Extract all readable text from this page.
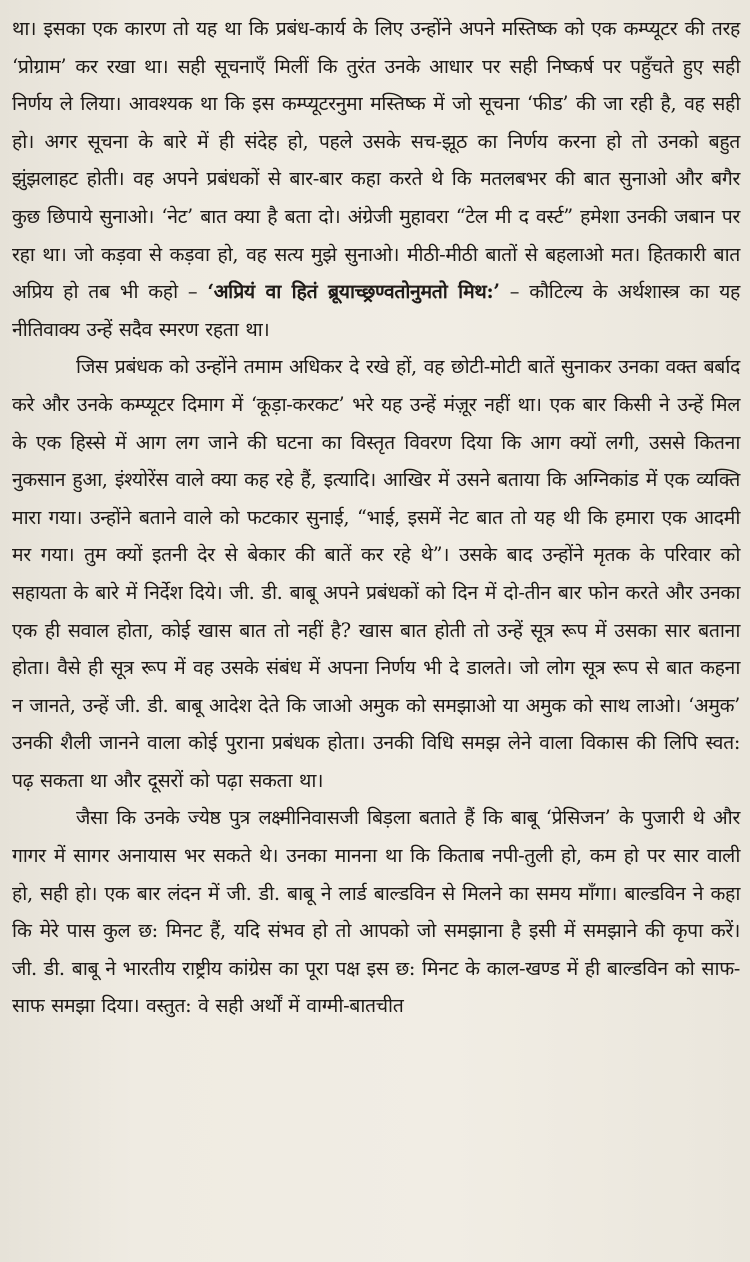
था। इसका एक कारण तो यह था कि प्रबंध-कार्य के लिए उन्होंने अपने मस्तिष्क को एक कम्प्यूटर की तरह ‘प्रोग्राम’ कर रखा था। सही सूचनाएँ मिलीं कि तुरंत उनके आधार पर सही निष्कर्ष पर पहुँचते हुए सही निर्णय ले लिया। आवश्यक था कि इस कम्प्यूटरनुमा मस्तिष्क में जो सूचना ‘फीड’ की जा रही है, वह सही हो। अगर सूचना के बारे में ही संदेह हो, पहले उसके सच-झूठ का निर्णय करना हो तो उनको बहुत झुंझलाहट होती। वह अपने प्रबंधकों से बार-बार कहा करते थे कि मतलबभर की बात सुनाओ और बगैर कुछ छिपाये सुनाओ। ‘नेट’ बात क्या है बता दो। अंग्रेजी मुहावरा “टेल मी द वर्स्ट” हमेशा उनकी जबान पर रहा था। जो कड़वा से कड़वा हो, वह सत्य मुझे सुनाओ। मीठी-मीठी बातों से बहलाओ मत। हितकारी बात अप्रिय हो तब भी कहो – ‘अप्रियं वा हितं ब्रूयाच्छ्रण्वतोनुमतो मिथ:’ – कौटिल्य के अर्थशास्त्र का यह नीतिवाक्य उन्हें सदैव स्मरण रहता था।

जिस प्रबंधक को उन्होंने तमाम अधिकर दे रखे हों, वह छोटी-मोटी बातें सुनाकर उनका वक्त बर्बाद करे और उनके कम्प्यूटर दिमाग में ‘कूड़ा-करकट’ भरे यह उन्हें मंज़ूर नहीं था। एक बार किसी ने उन्हें मिल के एक हिस्से में आग लग जाने की घटना का विस्तृत विवरण दिया कि आग क्यों लगी, उससे कितना नुकसान हुआ, इंश्योरेंस वाले क्या कह रहे हैं, इत्यादि। आखिर में उसने बताया कि अग्निकांड में एक व्यक्ति मारा गया। उन्होंने बताने वाले को फटकार सुनाई, “भाई, इसमें नेट बात तो यह थी कि हमारा एक आदमी मर गया। तुम क्यों इतनी देर से बेकार की बातें कर रहे थे”। उसके बाद उन्होंने मृतक के परिवार को सहायता के बारे में निर्देश दिये। जी. डी. बाबू अपने प्रबंधकों को दिन में दो-तीन बार फोन करते और उनका एक ही सवाल होता, कोई खास बात तो नहीं है? खास बात होती तो उन्हें सूत्र रूप में उसका सार बताना होता। वैसे ही सूत्र रूप में वह उसके संबंध में अपना निर्णय भी दे डालते। जो लोग सूत्र रूप से बात कहना न जानते, उन्हें जी. डी. बाबू आदेश देते कि जाओ अमुक को समझाओ या अमुक को साथ लाओ। ‘अमुक’ उनकी शैली जानने वाला कोई पुराना प्रबंधक होता। उनकी विधि समझ लेने वाला विकास की लिपि स्वत: पढ़ सकता था और दूसरों को पढ़ा सकता था।

जैसा कि उनके ज्येष्ठ पुत्र लक्ष्मीनिवासजी बिड़ला बताते हैं कि बाबू ‘प्रेसिजन’ के पुजारी थे और गागर में सागर अनायास भर सकते थे। उनका मानना था कि किताब नपी-तुली हो, कम हो पर सार वाली हो, सही हो। एक बार लंदन में जी. डी. बाबू ने लार्ड बाल्डविन से मिलने का समय माँगा। बाल्डविन ने कहा कि मेरे पास कुल छ: मिनट हैं, यदि संभव हो तो आपको जो समझाना है इसी में समझाने की कृपा करें। जी. डी. बाबू ने भारतीय राष्ट्रीय कांग्रेस का पूरा पक्ष इस छ: मिनट के काल-खण्ड में ही बाल्डविन को साफ-साफ समझा दिया। वस्तुत: वे सही अर्थों में वाग्मी-बातचीत
